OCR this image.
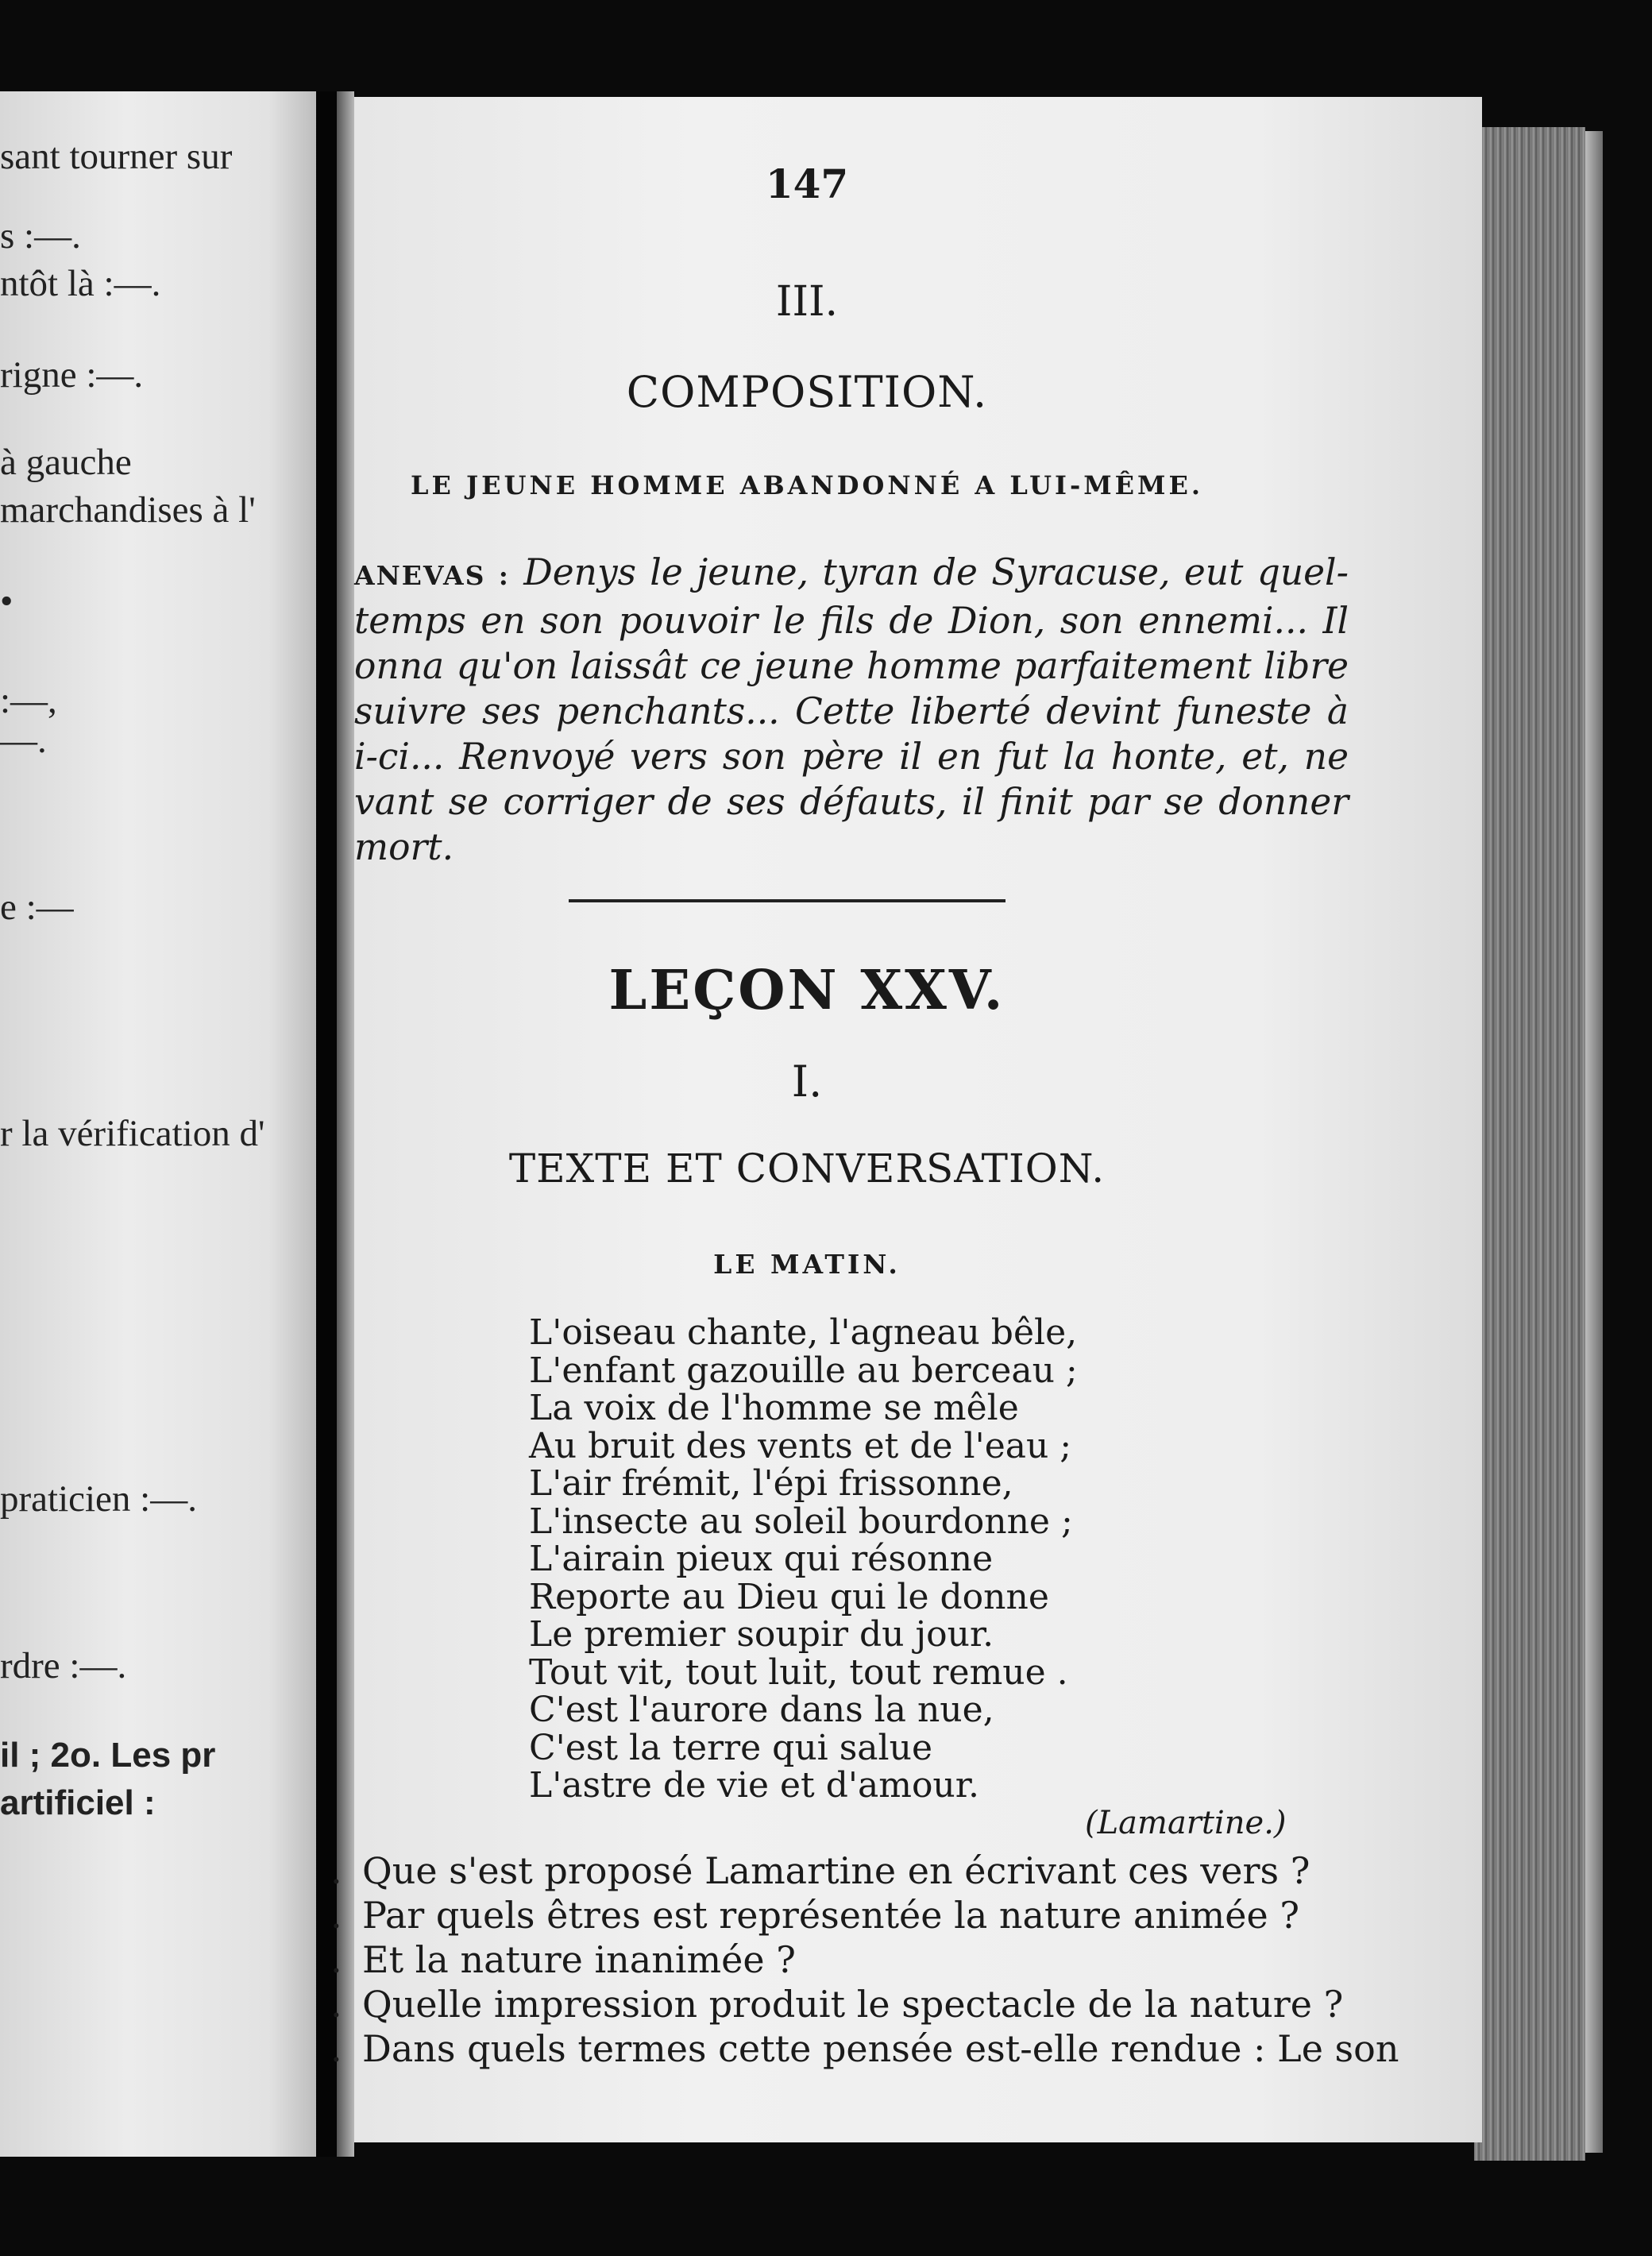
sant tourner sur
s :—.
ntôt là :—.
rigne :—.
à gauche
marchandises à l'
•
:—,
—.
e :—
r la vérification d'
praticien :—.
rdre :—.
il ; 2o. Les pr
artificiel :
147
III.
COMPOSITION.
LE JEUNE HOMME ABANDONNÉ A LUI-MÊME.
ANEVAS : Denys le jeune, tyran de Syracuse, eut quel- temps en son pouvoir le fils de Dion, son ennemi... Il onna qu'on laissât ce jeune homme parfaitement libre suivre ses penchants... Cette liberté devint funeste à i-ci... Renvoyé vers son père il en fut la honte, et, ne vant se corriger de ses défauts, il finit par se donner mort.
LEÇON XXV.
I.
TEXTE ET CONVERSATION.
LE MATIN.
L'oiseau chante, l'agneau bêle,
L'enfant gazouille au berceau ;
La voix de l'homme se mêle
Au bruit des vents et de l'eau ;
L'air frémit, l'épi frissonne,
L'insecte au soleil bourdonne ;
L'airain pieux qui résonne
Reporte au Dieu qui le donne
Le premier soupir du jour.
Tout vit, tout luit, tout remue .
C'est l'aurore dans la nue,
C'est la terre qui salue
L'astre de vie et d'amour.
(Lamartine.)
. Que s'est proposé Lamartine en écrivant ces vers ?
. Par quels êtres est représentée la nature animée ?
. Et la nature inanimée ?
. Quelle impression produit le spectacle de la nature ?
. Dans quels termes cette pensée est-elle rendue : Le son
